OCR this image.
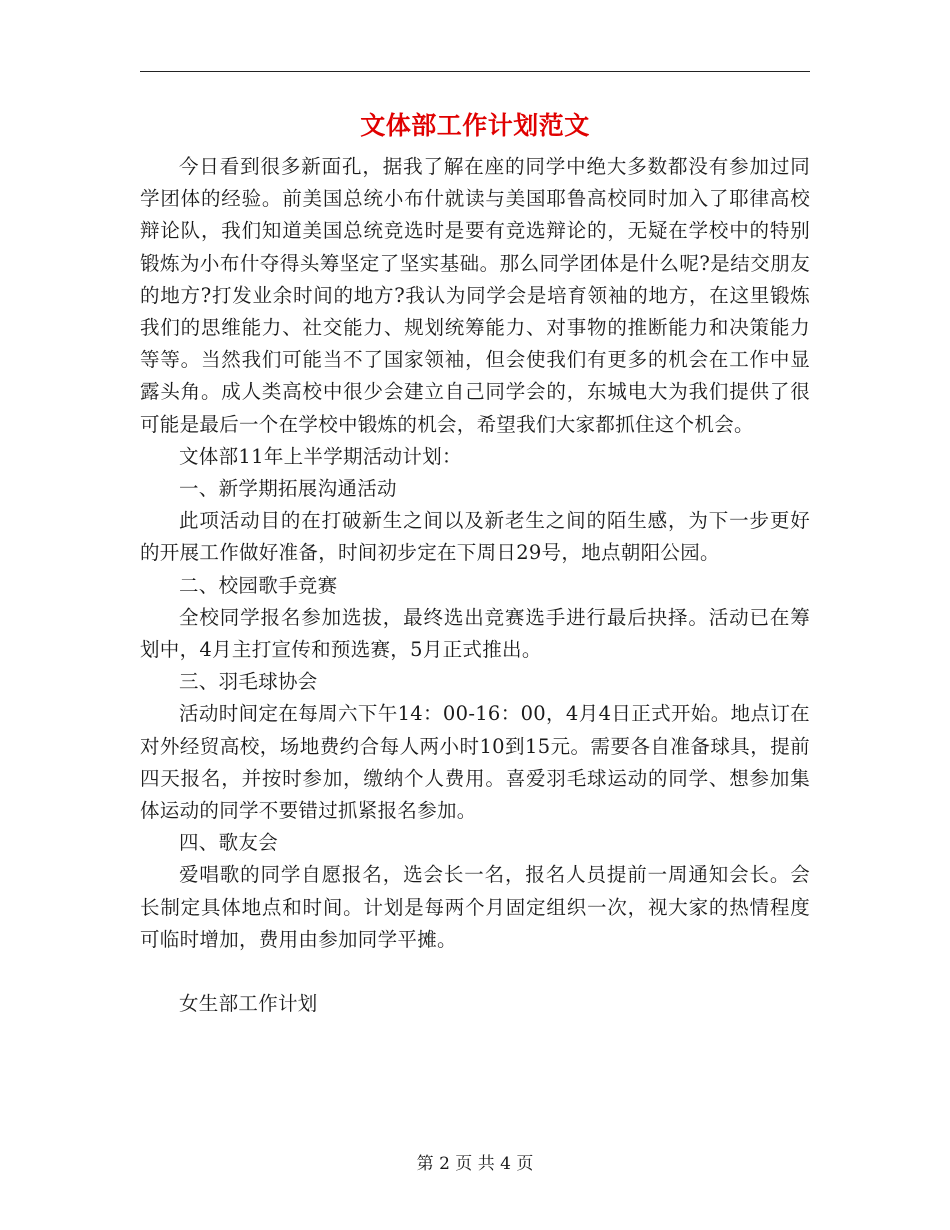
文体部工作计划范文

今日看到很多新面孔，据我了解在座的同学中绝大多数都没有参加过同学团体的经验。前美国总统小布什就读与美国耶鲁高校同时加入了耶律高校辩论队，我们知道美国总统竞选时是要有竞选辩论的，无疑在学校中的特别锻炼为小布什夺得头筹坚定了坚实基础。那么同学团体是什么呢?是结交朋友的地方?打发业余时间的地方?我认为同学会是培育领袖的地方，在这里锻炼我们的思维能力、社交能力、规划统筹能力、对事物的推断能力和决策能力等等。当然我们可能当不了国家领袖，但会使我们有更多的机会在工作中显露头角。成人类高校中很少会建立自己同学会的，东城电大为我们提供了很可能是最后一个在学校中锻炼的机会，希望我们大家都抓住这个机会。

文体部11年上半学期活动计划：

一、新学期拓展沟通活动

此项活动目的在打破新生之间以及新老生之间的陌生感，为下一步更好的开展工作做好准备，时间初步定在下周日29号，地点朝阳公园。

二、校园歌手竞赛

全校同学报名参加选拔，最终选出竞赛选手进行最后抉择。活动已在筹划中，4月主打宣传和预选赛，5月正式推出。

三、羽毛球协会

活动时间定在每周六下午14：00-16：00，4月4日正式开始。地点订在对外经贸高校，场地费约合每人两小时10到15元。需要各自准备球具，提前四天报名，并按时参加，缴纳个人费用。喜爱羽毛球运动的同学、想参加集体运动的同学不要错过抓紧报名参加。

四、歌友会

爱唱歌的同学自愿报名，选会长一名，报名人员提前一周通知会长。会长制定具体地点和时间。计划是每两个月固定组织一次，视大家的热情程度可临时增加，费用由参加同学平摊。

女生部工作计划

第 2 页 共 4 页
